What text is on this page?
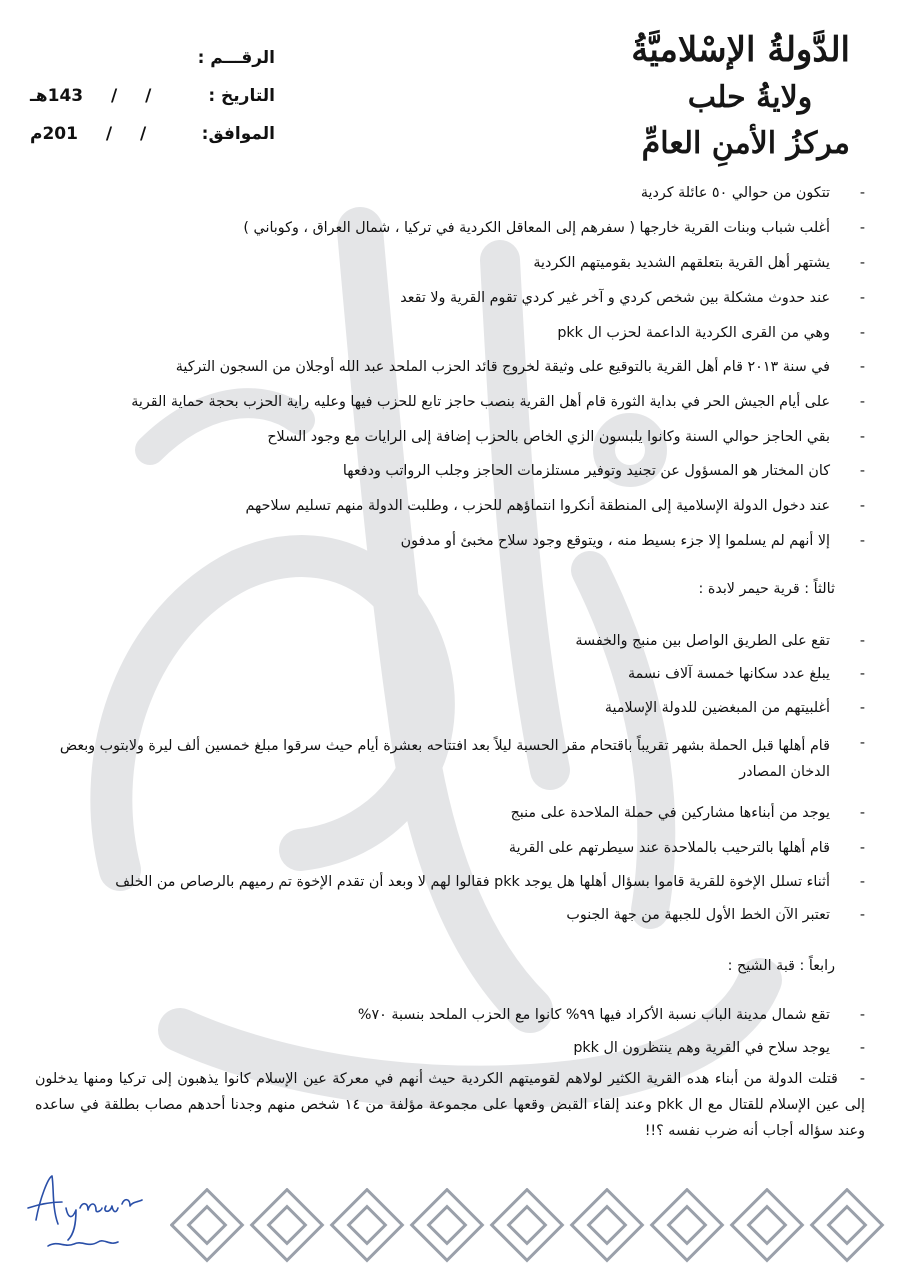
الدَّولةُ الإسْلاميَّةُ
ولايةُ حلب
مركزُ الأمنِ العامِّ
الرقـــم :
التاريخ :
/ / 143هـ
الموافق:
/ / 201م
-
تتكون من حوالي ٥٠ عائلة كردية
-
أغلب شباب وبنات القرية خارجها ( سفرهم إلى المعاقل الكردية في تركيا ، شمال العراق ، وكوباني )
-
يشتهر أهل القرية بتعلقهم الشديد بقوميتهم الكردية
-
عند حدوث مشكلة بين شخص كردي و آخر غير كردي تقوم القرية ولا تقعد
-
وهي من القرى الكردية الداعمة لحزب ال pkk
-
في سنة ٢٠١٣ قام أهل القرية بالتوقيع على وثيقة لخروج قائد الحزب الملحد عبد الله أوجلان من السجون التركية
-
على أيام الجيش الحر في بداية الثورة قام أهل القرية بنصب حاجز تابع للحزب فيها وعليه راية الحزب بحجة حماية القرية
-
بقي الحاجز حوالي السنة وكانوا يلبسون الزي الخاص بالحزب إضافة إلى الرايات مع وجود السلاح
-
كان المختار هو المسؤول عن تجنيد وتوفير مستلزمات الحاجز وجلب الرواتب ودفعها
-
عند دخول الدولة الإسلامية إلى المنطقة أنكروا انتماؤهم للحزب ، وطلبت الدولة منهم تسليم سلاحهم
-
إلا أنهم لم يسلموا إلا جزء بسيط منه ، ويتوقع وجود سلاح مخبئ أو مدفون
ثالثاً : قرية حيمر لابدة :
-
تقع على الطريق الواصل بين منبج والخفسة
-
يبلغ عدد سكانها خمسة آلاف نسمة
-
أغلبيتهم من المبغضين للدولة الإسلامية
-
قام أهلها قبل الحملة بشهر تقريباً باقتحام مقر الحسبة ليلاً بعد افتتاحه بعشرة أيام حيث سرقوا مبلغ خمسين ألف ليرة ولابتوب وبعض الدخان المصادر
-
يوجد من أبناءها مشاركين في حملة الملاحدة على منبج
-
قام أهلها بالترحيب بالملاحدة عند سيطرتهم على القرية
-
أثناء تسلل الإخوة للقرية قاموا بسؤال أهلها هل يوجد pkk فقالوا لهم لا وبعد أن تقدم الإخوة تم رميهم بالرصاص من الخلف
-
تعتبر الآن الخط الأول للجبهة من جهة الجنوب
رابعاً : قبة الشيح :
-
تقع شمال مدينة الباب نسبة الأكراد فيها ٩٩% كانوا مع الحزب الملحد بنسبة ٧٠%
-
يوجد سلاح في القرية وهم ينتظرون ال pkk
-    قتلت الدولة من أبناء هده القرية الكثير لولاهم لقوميتهم الكردية حيث أنهم في معركة عين الإسلام كانوا يذهبون إلى تركيا ومنها يدخلون إلى عين الإسلام للقتال مع ال pkk وعند إلقاء القبض وقعها على مجموعة مؤلفة من ١٤ شخص منهم وجدنا أحدهم مصاب بطلقة في ساعده وعند سؤاله أجاب أنه ضرب نفسه ؟!!
